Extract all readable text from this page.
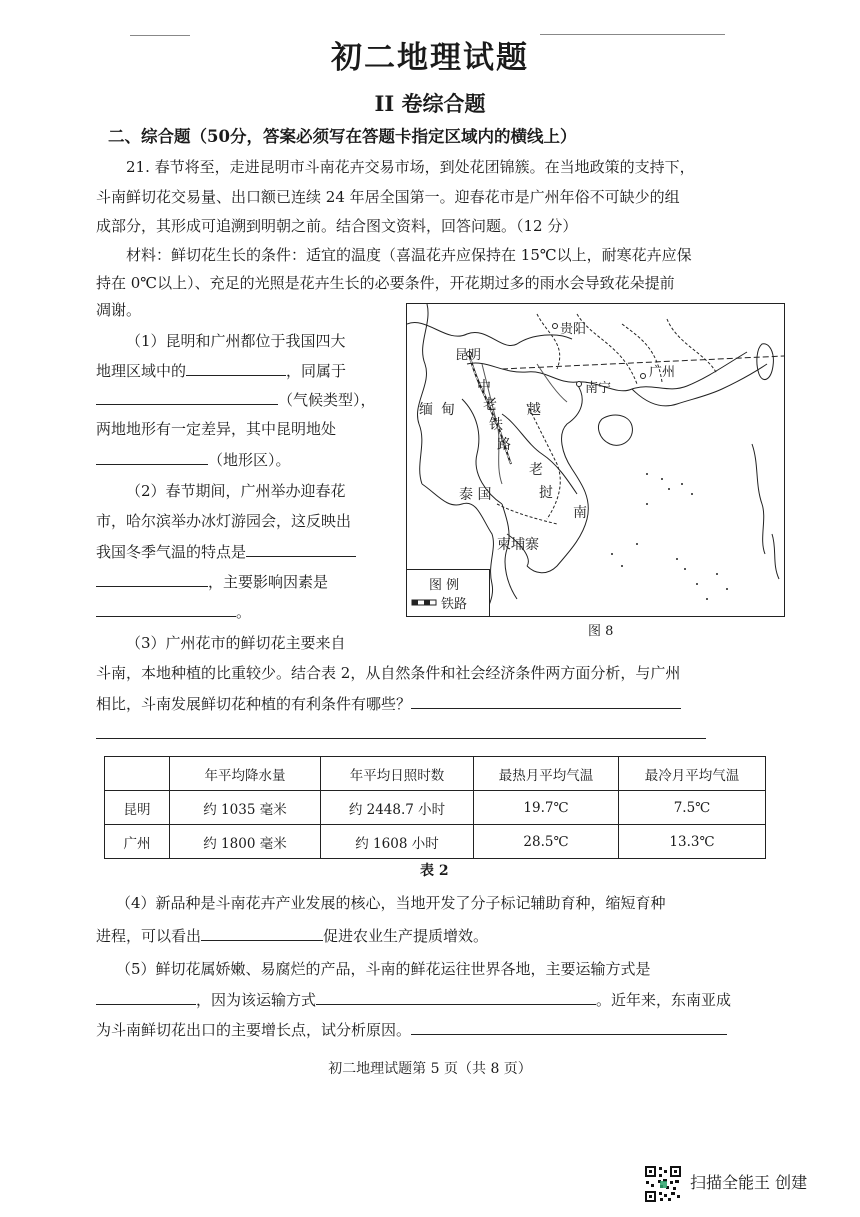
初二地理试题
II 卷综合题
二、综合题（50分，答案必须写在答题卡指定区域内的横线上）
21. 春节将至，走进昆明市斗南花卉交易市场，到处花团锦簇。在当地政策的支持下，
斗南鲜切花交易量、出口额已连续 24 年居全国第一。迎春花市是广州年俗不可缺少的组
成部分，其形成可追溯到明朝之前。结合图文资料，回答问题。（12 分）
材料：鲜切花生长的条件：适宜的温度（喜温花卉应保持在 15℃以上，耐寒花卉应保
持在 0℃以上）、充足的光照是花卉生长的必要条件，开花期过多的雨水会导致花朵提前
凋谢。
（1）昆明和广州都位于我国四大
地理区域中的	，同属于
（气候类型），
两地地形有一定差异，其中昆明地处
（地形区）。
（2）春节期间，广州举办迎春花
市，哈尔滨举办冰灯游园会，这反映出
我国冬季气温的特点是
，主要影响因素是
。
贵阳
昆明
南宁
广州
缅 甸
中
老
铁
路
越
老
挝
南
泰 国
柬埔寨
图 例
铁路
图 8
（3）广州花市的鲜切花主要来自
斗南，本地种植的比重较少。结合表 2，从自然条件和社会经济条件两方面分析，与广州
相比，斗南发展鲜切花种植的有利条件有哪些？
	年平均降水量	年平均日照时数	最热月平均气温	最冷月平均气温
昆明	约 1035 毫米	约 2448.7 小时	19.7℃	7.5℃
广州	约 1800 毫米	约 1608 小时	28.5℃	13.3℃
表 2
（4）新品种是斗南花卉产业发展的核心，当地开发了分子标记辅助育种，缩短育种
进程，可以看出	促进农业生产提质增效。
（5）鲜切花属娇嫩、易腐烂的产品，斗南的鲜花运往世界各地，主要运输方式是
，因为该运输方式	。近年来，东南亚成
为斗南鲜切花出口的主要增长点，试分析原因。
初二地理试题第 5 页（共 8 页）
扫描全能王 创建
